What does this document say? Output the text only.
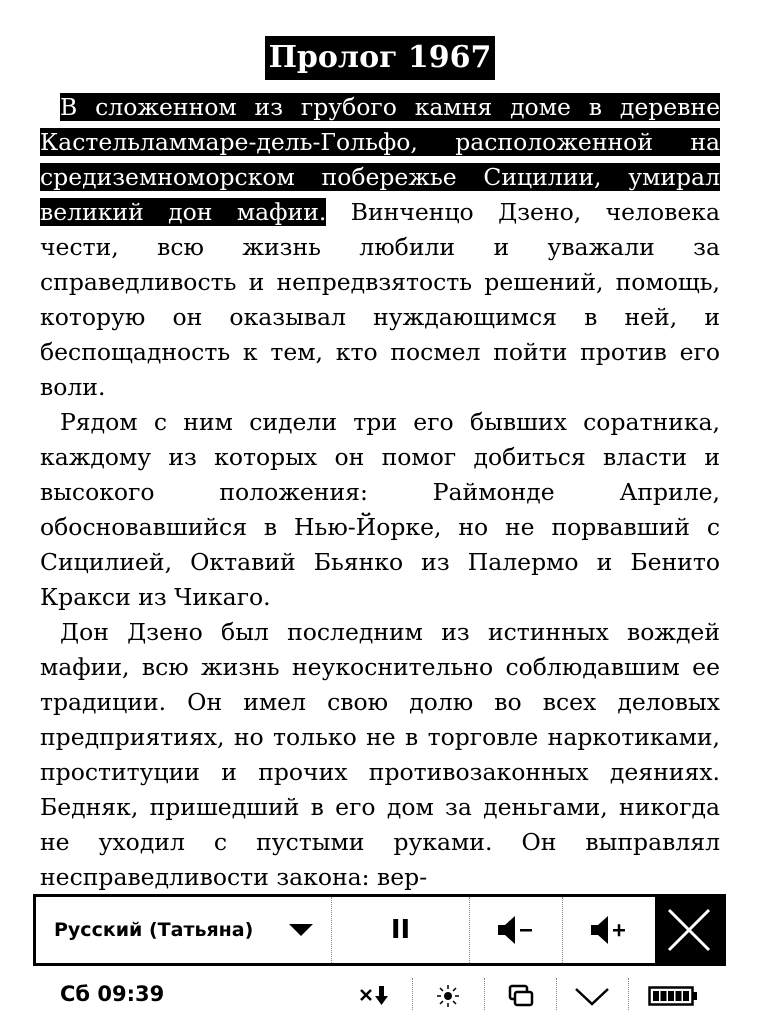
Пролог 1967

В сложенном из грубого камня доме в деревне Кастельламмаре-дель-Гольфо, расположенной на средиземноморском побережье Сицилии, умирал великий дон мафии. Винченцо Дзено, человека чести, всю жизнь любили и уважали за справедливость и непредвзятость решений, помощь, которую он оказывал нуждающимся в ней, и беспощадность к тем, кто посмел пойти против его воли.

Рядом с ним сидели три его бывших соратника, каждому из которых он помог добиться власти и высокого положения: Раймонде Априле, обосновавшийся в Нью-Йорке, но не порвавший с Сицилией, Октавий Бьянко из Палермо и Бенито Кракси из Чикаго.

Дон Дзено был последним из истинных вождей мафии, всю жизнь неукоснительно соблюдавшим ее традиции. Он имел свою долю во всех деловых предприятиях, но только не в торговле наркотиками, проституции и прочих противозаконных деяниях. Бедняк, пришедший в его дом за деньгами, никогда не уходил с пустыми руками. Он выправлял несправедливости закона: вер-

Русский (Татьяна)	II
Сб 09:39
